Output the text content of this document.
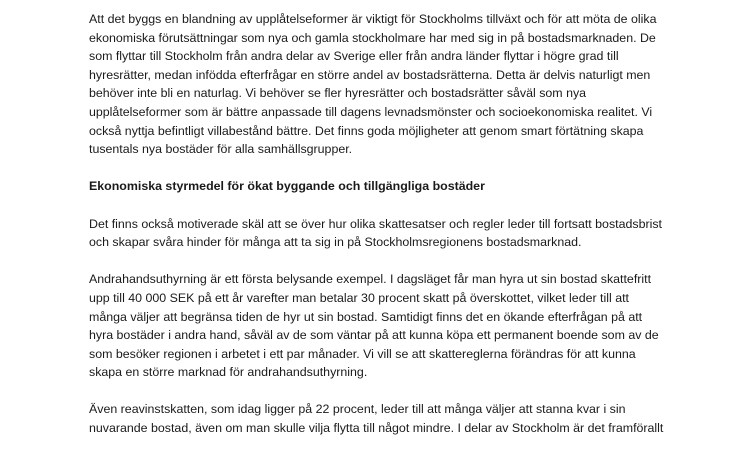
Att det byggs en blandning av upplåtelseformer är viktigt för Stockholms tillväxt och för att möta de olika
ekonomiska förutsättningar som nya och gamla stockholmare har med sig in på bostadsmarknaden. De
som flyttar till Stockholm från andra delar av Sverige eller från andra länder flyttar i högre grad till
hyresrätter, medan infödda efterfrågar en större andel av bostadsrätterna. Detta är delvis naturligt men
behöver inte bli en naturlag. Vi behöver se fler hyresrätter och bostadsrätter såväl som nya
upplåtelseformer som är bättre anpassade till dagens levnadsmönster och socioekonomiska realitet. Vi
också nyttja befintligt villabestånd bättre. Det finns goda möjligheter att genom smart förtätning skapa
tusentals nya bostäder för alla samhällsgrupper.

Ekonomiska styrmedel för ökat byggande och tillgängliga bostäder

Det finns också motiverade skäl att se över hur olika skattesatser och regler leder till fortsatt bostadsbrist
och skapar svåra hinder för många att ta sig in på Stockholmsregionens bostadsmarknad.

Andrahandsuthyrning är ett första belysande exempel. I dagsläget får man hyra ut sin bostad skattefritt
upp till 40 000 SEK på ett år varefter man betalar 30 procent skatt på överskottet, vilket leder till att
många väljer att begränsa tiden de hyr ut sin bostad. Samtidigt finns det en ökande efterfrågan på att
hyra bostäder i andra hand, såväl av de som väntar på att kunna köpa ett permanent boende som av de
som besöker regionen i arbetet i ett par månader. Vi vill se att skattereglerna förändras för att kunna
skapa en större marknad för andrahandsuthyrning.

Även reavinstskatten, som idag ligger på 22 procent, leder till att många väljer att stanna kvar i sin
nuvarande bostad, även om man skulle vilja flytta till något mindre. I delar av Stockholm är det framförallt
